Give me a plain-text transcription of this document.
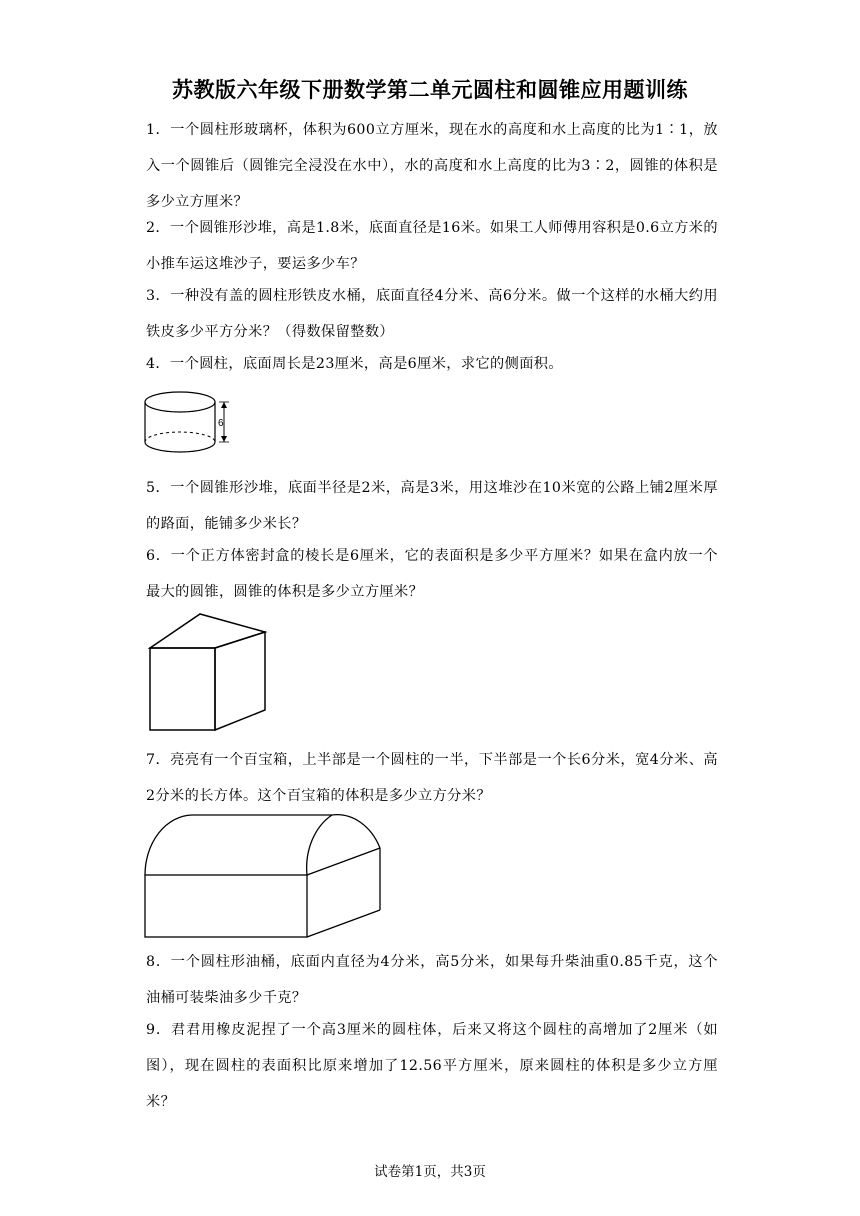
苏教版六年级下册数学第二单元圆柱和圆锥应用题训练
1．一个圆柱形玻璃杯，体积为600立方厘米，现在水的高度和水上高度的比为1∶1，放入一个圆锥后（圆锥完全浸没在水中），水的高度和水上高度的比为3∶2，圆锥的体积是多少立方厘米？
2．一个圆锥形沙堆，高是1.8米，底面直径是16米。如果工人师傅用容积是0.6立方米的小推车运这堆沙子，要运多少车？
3．一种没有盖的圆柱形铁皮水桶，底面直径4分米、高6分米。做一个这样的水桶大约用铁皮多少平方分米？（得数保留整数）
4．一个圆柱，底面周长是23厘米，高是6厘米，求它的侧面积。
6
5．一个圆锥形沙堆，底面半径是2米，高是3米，用这堆沙在10米宽的公路上铺2厘米厚的路面，能铺多少米长？
6．一个正方体密封盒的棱长是6厘米，它的表面积是多少平方厘米？如果在盒内放一个最大的圆锥，圆锥的体积是多少立方厘米？
7．亮亮有一个百宝箱，上半部是一个圆柱的一半，下半部是一个长6分米，宽4分米、高2分米的长方体。这个百宝箱的体积是多少立方分米？
8．一个圆柱形油桶，底面内直径为4分米，高5分米，如果每升柴油重0.85千克，这个油桶可装柴油多少千克？
9．君君用橡皮泥捏了一个高3厘米的圆柱体，后来又将这个圆柱的高增加了2厘米（如图），现在圆柱的表面积比原来增加了12.56平方厘米，原来圆柱的体积是多少立方厘米？
试卷第1页，共3页
